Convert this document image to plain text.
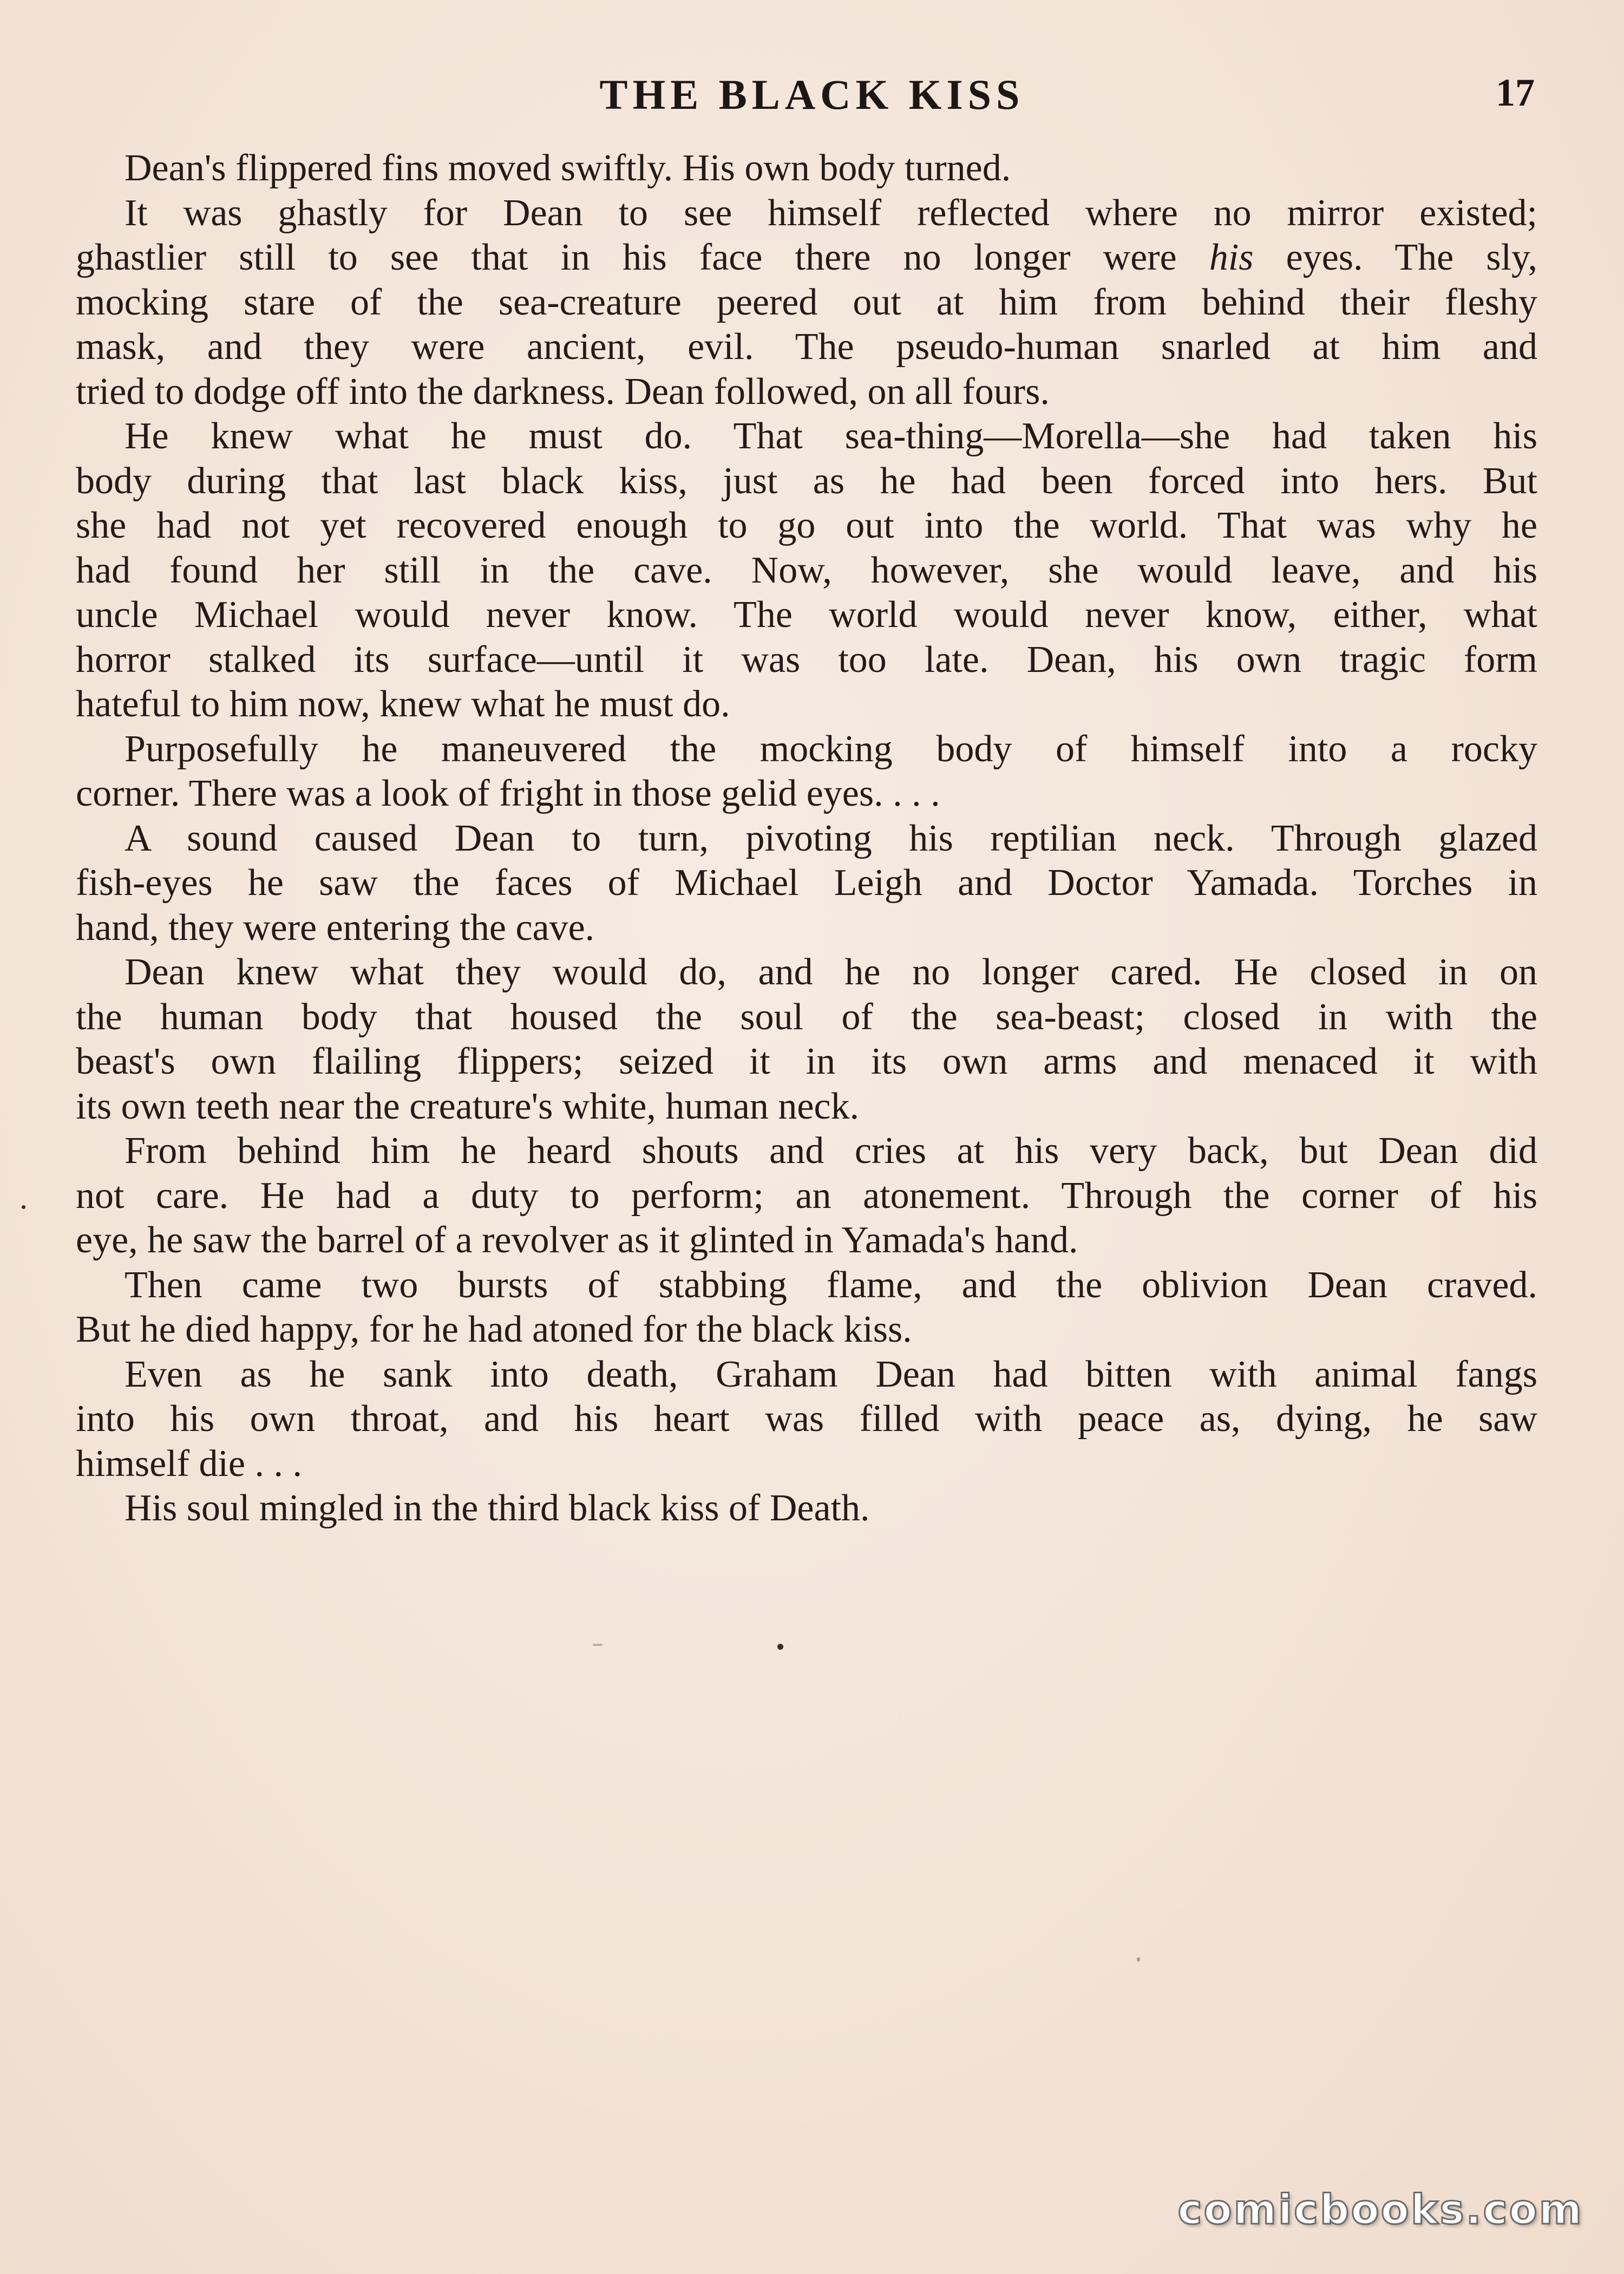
THE BLACK KISS	17

Dean's flippered fins moved swiftly. His own body turned.

It was ghastly for Dean to see himself reflected where no mirror existed;
ghastlier still to see that in his face there no longer were his eyes. The sly,
mocking stare of the sea-creature peered out at him from behind their fleshy
mask, and they were ancient, evil. The pseudo-human snarled at him and
tried to dodge off into the darkness. Dean followed, on all fours.

He knew what he must do. That sea-thing—Morella—she had taken his
body during that last black kiss, just as he had been forced into hers. But
she had not yet recovered enough to go out into the world. That was why he
had found her still in the cave. Now, however, she would leave, and his
uncle Michael would never know. The world would never know, either, what
horror stalked its surface—until it was too late. Dean, his own tragic form
hateful to him now, knew what he must do.

Purposefully he maneuvered the mocking body of himself into a rocky
corner. There was a look of fright in those gelid eyes. . . .

A sound caused Dean to turn, pivoting his reptilian neck. Through glazed
fish-eyes he saw the faces of Michael Leigh and Doctor Yamada. Torches in
hand, they were entering the cave.

Dean knew what they would do, and he no longer cared. He closed in on
the human body that housed the soul of the sea-beast; closed in with the
beast's own flailing flippers; seized it in its own arms and menaced it with
its own teeth near the creature's white, human neck.

From behind him he heard shouts and cries at his very back, but Dean did
not care. He had a duty to perform; an atonement. Through the corner of his
eye, he saw the barrel of a revolver as it glinted in Yamada's hand.

Then came two bursts of stabbing flame, and the oblivion Dean craved.
But he died happy, for he had atoned for the black kiss.

Even as he sank into death, Graham Dean had bitten with animal fangs
into his own throat, and his heart was filled with peace as, dying, he saw
himself die . . .

His soul mingled in the third black kiss of Death.

comicbooks.com
